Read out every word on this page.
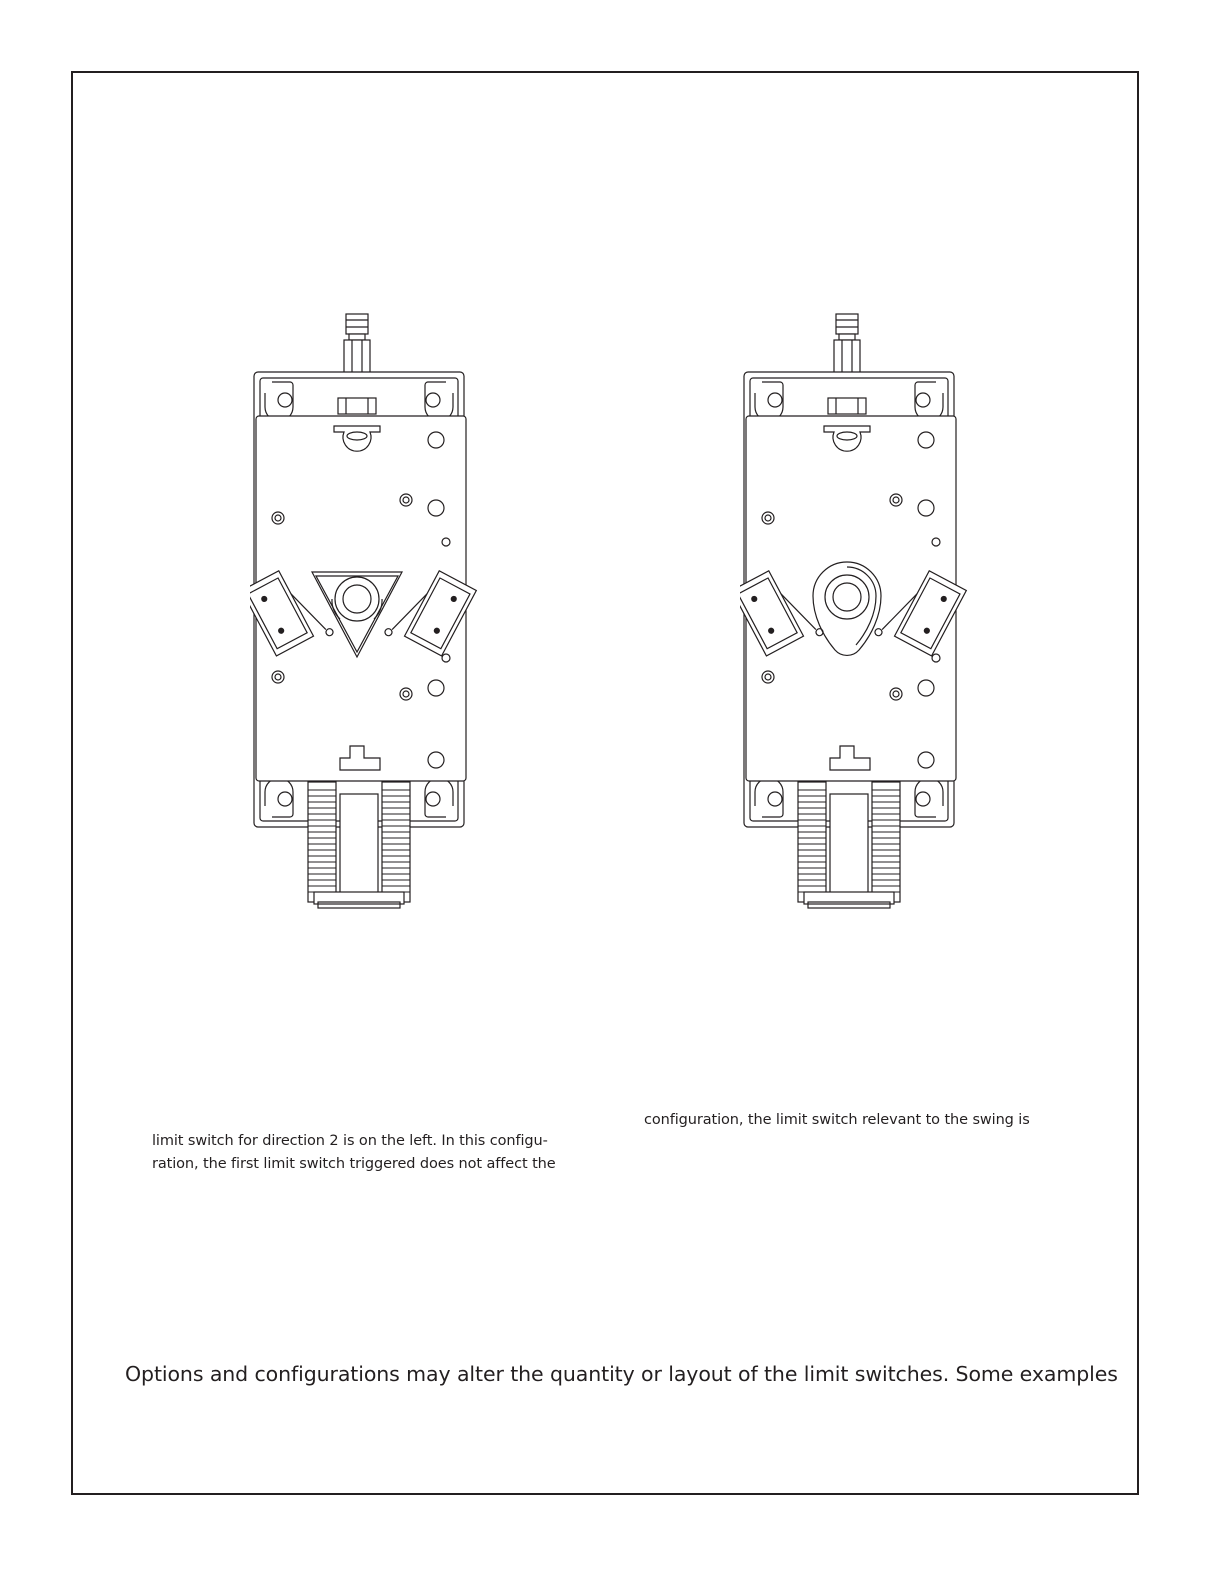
limit switch for direction 2 is on the left. In this configu-

ration, the first limit switch triggered does not affect the

configuration, the limit switch relevant to the swing is

Options and configurations may alter the quantity or layout of the limit switches. Some examples
